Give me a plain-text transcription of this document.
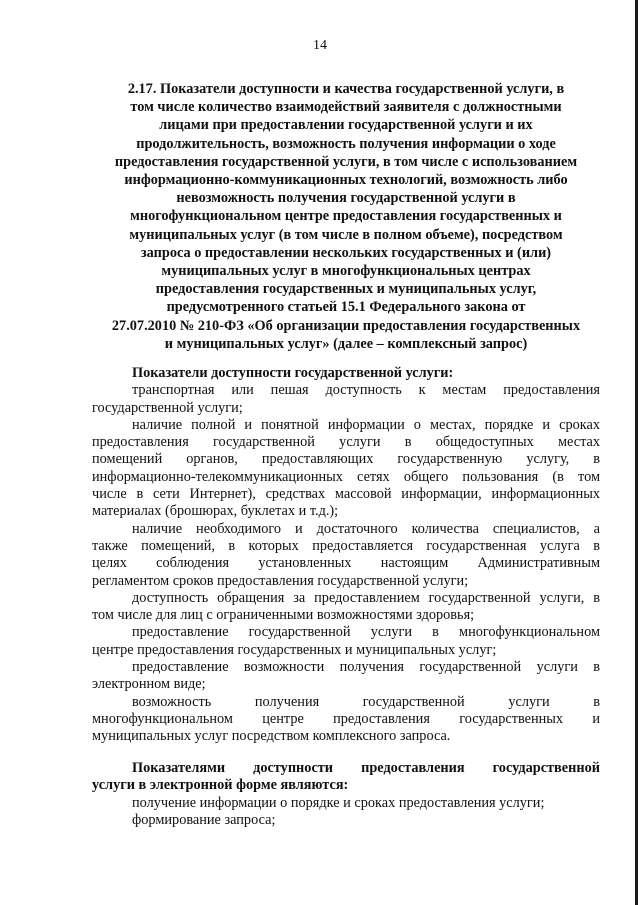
14
2.17. Показатели доступности и качества государственной услуги, в
том числе количество взаимодействий заявителя с должностными
лицами при предоставлении государственной услуги и их
продолжительность, возможность получения информации о ходе
предоставления государственной услуги, в том числе с использованием
информационно-коммуникационных технологий, возможность либо
невозможность получения государственной услуги в
многофункциональном центре предоставления государственных и
муниципальных услуг (в том числе в полном объеме), посредством
запроса о предоставлении нескольких государственных и (или)
муниципальных услуг в многофункциональных центрах
предоставления государственных и муниципальных услуг,
предусмотренного статьей 15.1 Федерального закона от
27.07.2010 № 210-ФЗ «Об организации предоставления государственных
и муниципальных услуг» (далее – комплексный запрос)
Показатели доступности государственной услуги:
транспортная или пешая доступность к местам предоставления
государственной услуги;
наличие полной и понятной информации о местах, порядке и сроках
предоставления государственной услуги в общедоступных местах
помещений органов, предоставляющих государственную услугу, в
информационно-телекоммуникационных сетях общего пользования (в том
числе в сети Интернет), средствах массовой информации, информационных
материалах (брошюрах, буклетах и т.д.);
наличие необходимого и достаточного количества специалистов, а
также помещений, в которых предоставляется государственная услуга в
целях соблюдения установленных настоящим Административным
регламентом сроков предоставления государственной услуги;
доступность обращения за предоставлением государственной услуги, в
том числе для лиц с ограниченными возможностями здоровья;
предоставление государственной услуги в многофункциональном
центре предоставления государственных и муниципальных услуг;
предоставление возможности получения государственной услуги в
электронном виде;
возможность получения государственной услуги в
многофункциональном центре предоставления государственных и
муниципальных услуг посредством комплексного запроса.
Показателями доступности предоставления государственной
услуги в электронной форме являются:
получение информации о порядке и сроках предоставления услуги;
формирование запроса;
